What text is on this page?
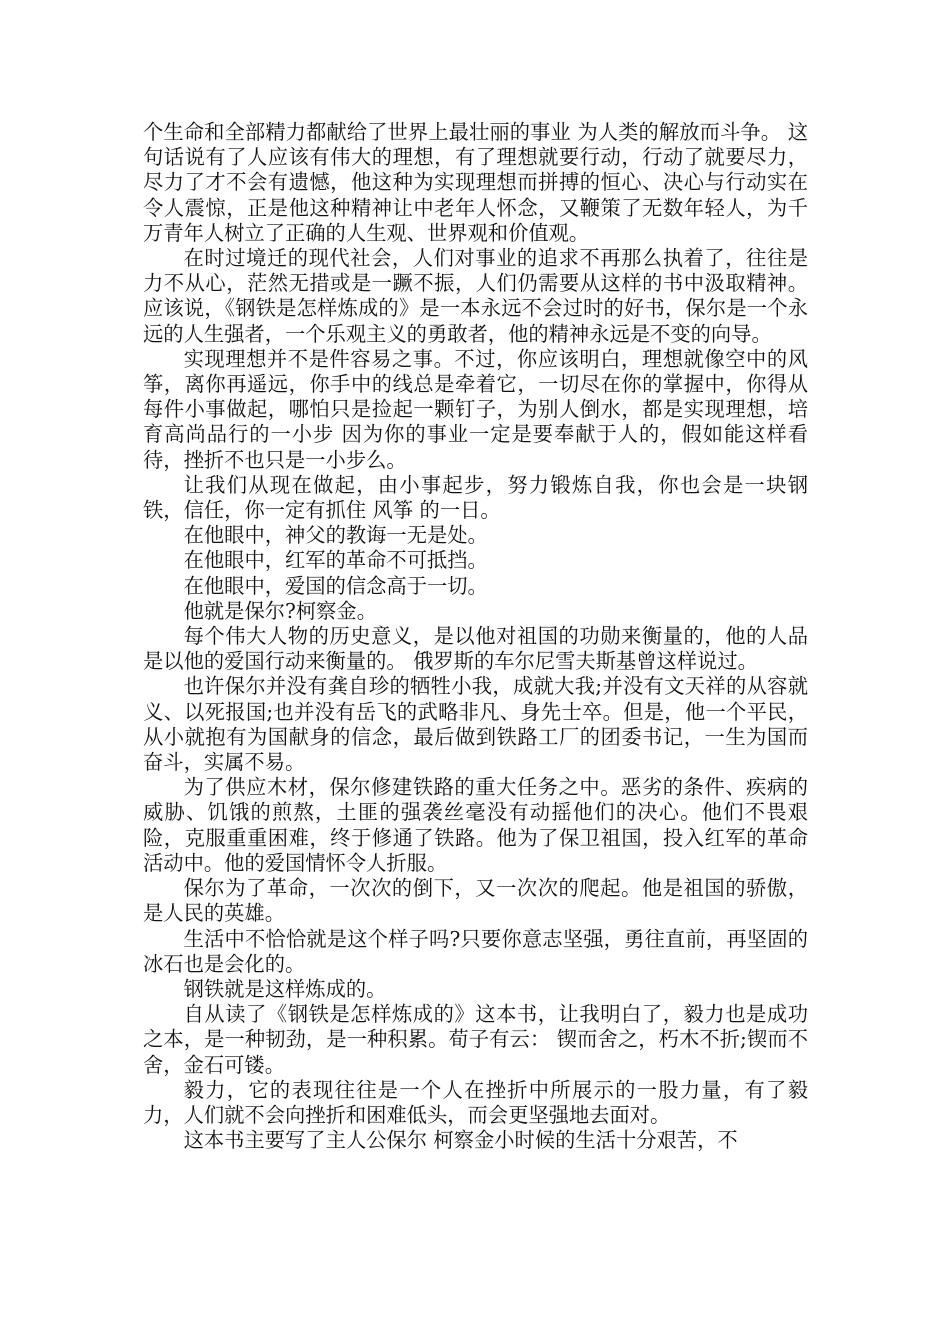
个生命和全部精力都献给了世界上最壮丽的事业 为人类的解放而斗争。 这句话说有了人应该有伟大的理想，有了理想就要行动，行动了就要尽力，尽力了才不会有遗憾，他这种为实现理想而拼搏的恒心、决心与行动实在令人震惊，正是他这种精神让中老年人怀念，又鞭策了无数年轻人，为千万青年人树立了正确的人生观、世界观和价值观。

在时过境迁的现代社会，人们对事业的追求不再那么执着了，往往是力不从心，茫然无措或是一蹶不振，人们仍需要从这样的书中汲取精神。应该说，《钢铁是怎样炼成的》是一本永远不会过时的好书，保尔是一个永远的人生强者，一个乐观主义的勇敢者，他的精神永远是不变的向导。

实现理想并不是件容易之事。不过，你应该明白，理想就像空中的风筝，离你再遥远，你手中的线总是牵着它，一切尽在你的掌握中，你得从每件小事做起，哪怕只是捡起一颗钉子，为别人倒水，都是实现理想，培育高尚品行的一小步 因为你的事业一定是要奉献于人的，假如能这样看待，挫折不也只是一小步么。

让我们从现在做起，由小事起步，努力锻炼自我，你也会是一块钢铁，信任，你一定有抓住 风筝 的一日。

在他眼中，神父的教诲一无是处。

在他眼中，红军的革命不可抵挡。

在他眼中，爱国的信念高于一切。

他就是保尔?柯察金。

每个伟大人物的历史意义，是以他对祖国的功勋来衡量的，他的人品是以他的爱国行动来衡量的。 俄罗斯的车尔尼雪夫斯基曾这样说过。

也许保尔并没有龚自珍的牺牲小我，成就大我;并没有文天祥的从容就义、以死报国;也并没有岳飞的武略非凡、身先士卒。但是，他一个平民，从小就抱有为国献身的信念，最后做到铁路工厂的团委书记，一生为国而奋斗，实属不易。

为了供应木材，保尔修建铁路的重大任务之中。恶劣的条件、疾病的威胁、饥饿的煎熬，土匪的强袭丝毫没有动摇他们的决心。他们不畏艰险，克服重重困难，终于修通了铁路。他为了保卫祖国，投入红军的革命活动中。他的爱国情怀令人折服。

保尔为了革命，一次次的倒下，又一次次的爬起。他是祖国的骄傲，是人民的英雄。

生活中不恰恰就是这个样子吗?只要你意志坚强，勇往直前，再坚固的冰石也是会化的。

钢铁就是这样炼成的。

自从读了《钢铁是怎样炼成的》这本书，让我明白了，毅力也是成功之本，是一种韧劲，是一种积累。荀子有云： 锲而舍之，朽木不折;锲而不舍，金石可镂。

毅力，它的表现往往是一个人在挫折中所展示的一股力量，有了毅力，人们就不会向挫折和困难低头，而会更坚强地去面对。

这本书主要写了主人公保尔 柯察金小时候的生活十分艰苦，不
